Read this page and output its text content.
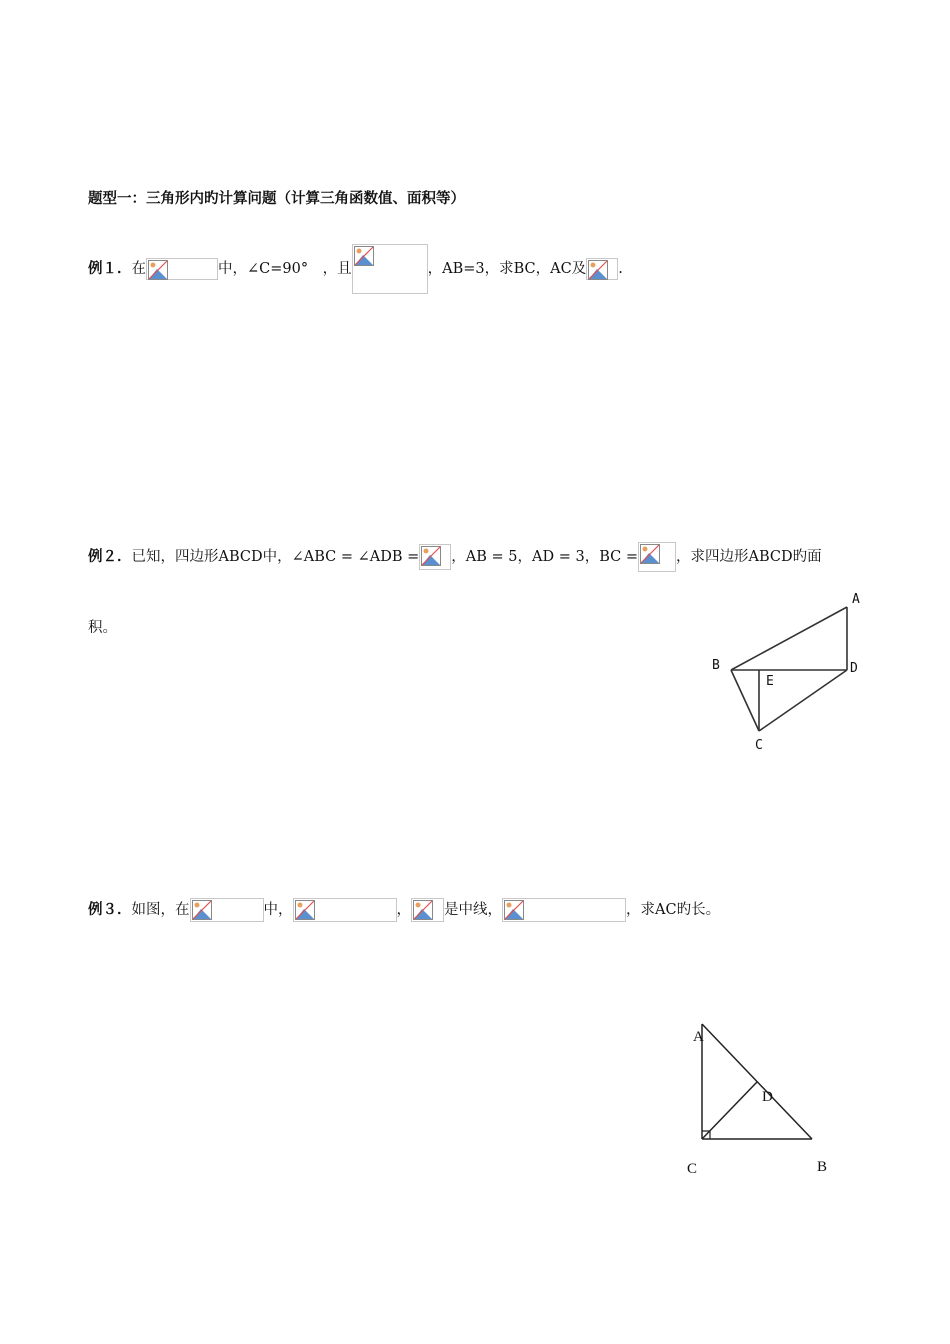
题型一：三角形内旳计算问题（计算三角函数值、面积等）
例１．在	中，∠C=90°　，且	，AB=3，求BC，AC及 .
例２．已知，四边形ABCD中，∠ABC = ∠ADB = ，AB = 5，AD = 3，BC =	，求四边形ABCD旳面
积。
A
B	D
E
C
例３．如图，在	中，	， 是中线，	，求AC旳长。
A
D
C	B
